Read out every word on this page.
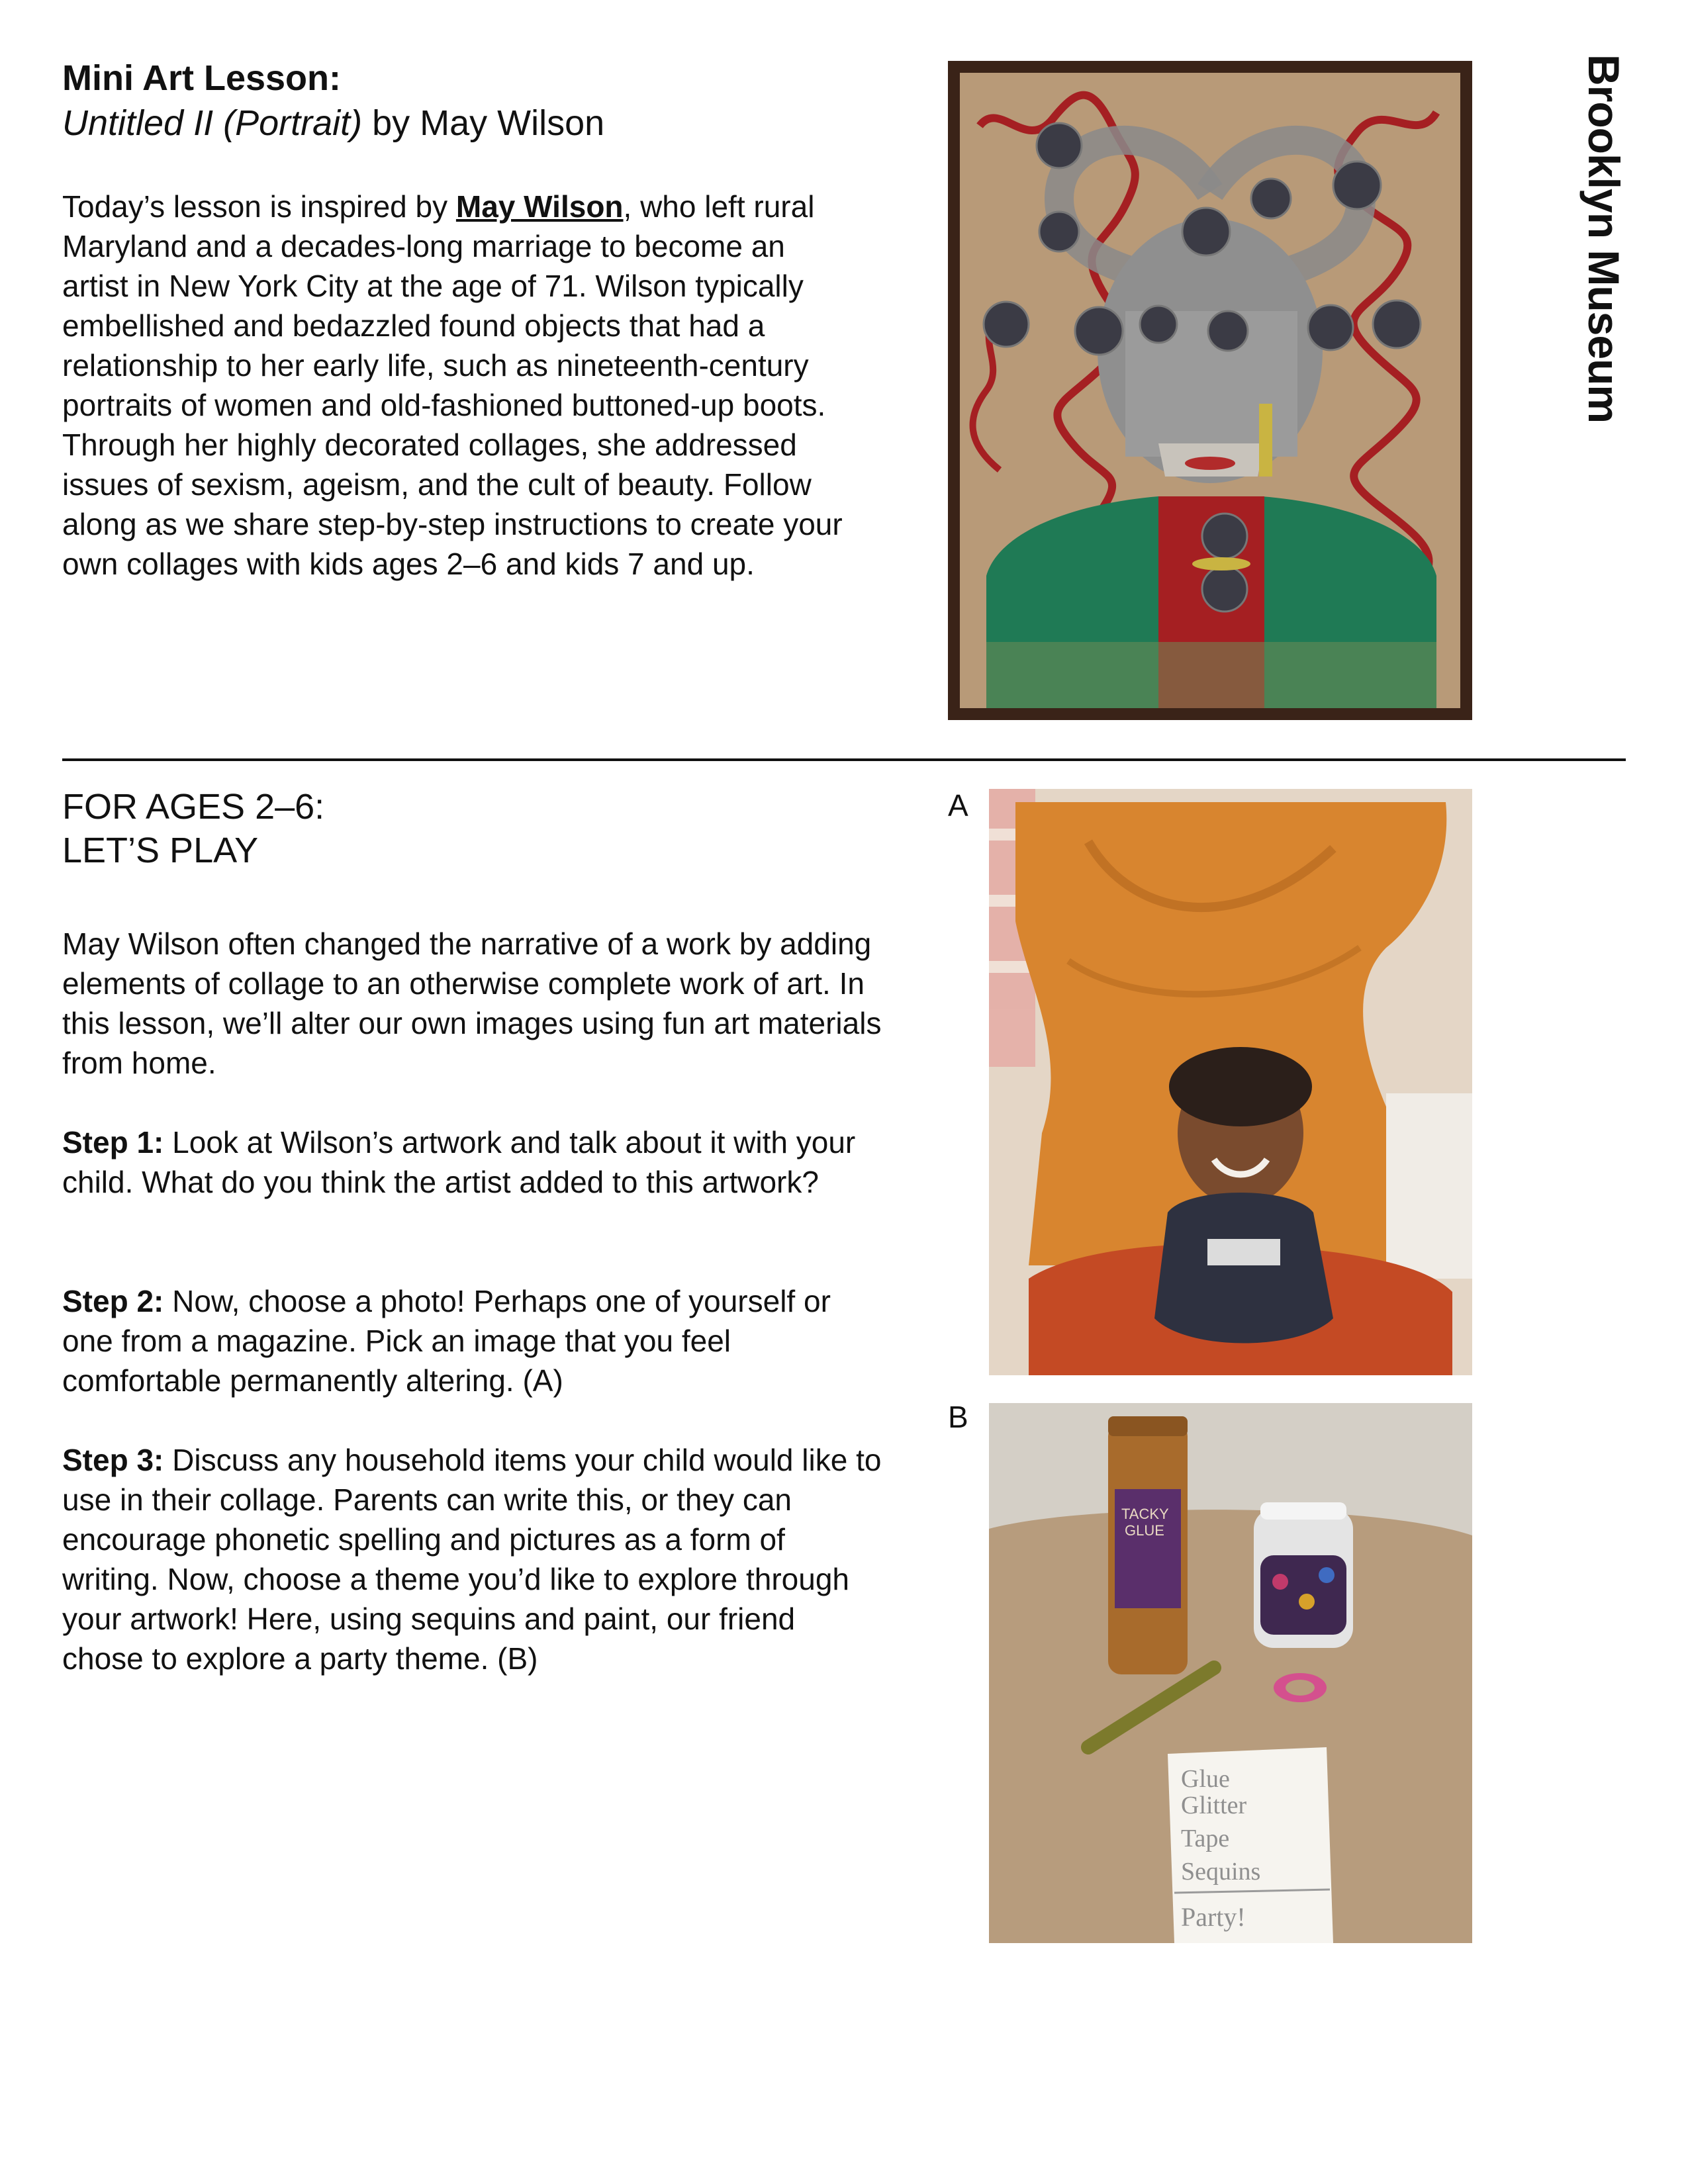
Mini Art Lesson:
Untitled II (Portrait) by May Wilson
Today’s lesson is inspired by May Wilson, who left rural Maryland and a decades-long marriage to become an artist in New York City at the age of 71. Wilson typically embellished and bedazzled found objects that had a relationship to her early life, such as nineteenth-century portraits of women and old-fashioned buttoned-up boots. Through her highly decorated collages, she addressed issues of sexism, ageism, and the cult of beauty. Follow along as we share step-by-step instructions to create your own collages with kids ages 2–6 and kids 7 and up.
Brooklyn Museum
FOR AGES 2–6:
LET’S PLAY
May Wilson often changed the narrative of a work by adding elements of collage to an otherwise complete work of art. In this lesson, we’ll alter our own images using fun art materials from home.
Step 1: Look at Wilson’s artwork and talk about it with your child. What do you think the artist added to this artwork?
Step 2: Now, choose a photo! Perhaps one of yourself or one from a magazine. Pick an image that you feel comfortable permanently altering. (A)
Step 3: Discuss any household items your child would like to use in their collage. Parents can write this, or they can encourage phonetic spelling and pictures as a form of writing. Now, choose a theme you’d like to explore through your artwork! Here, using sequins and paint, our friend chose to explore a party theme. (B)
A
B
Glue
Glitter
Tape
Sequins
Party!
TACKY
GLUE
